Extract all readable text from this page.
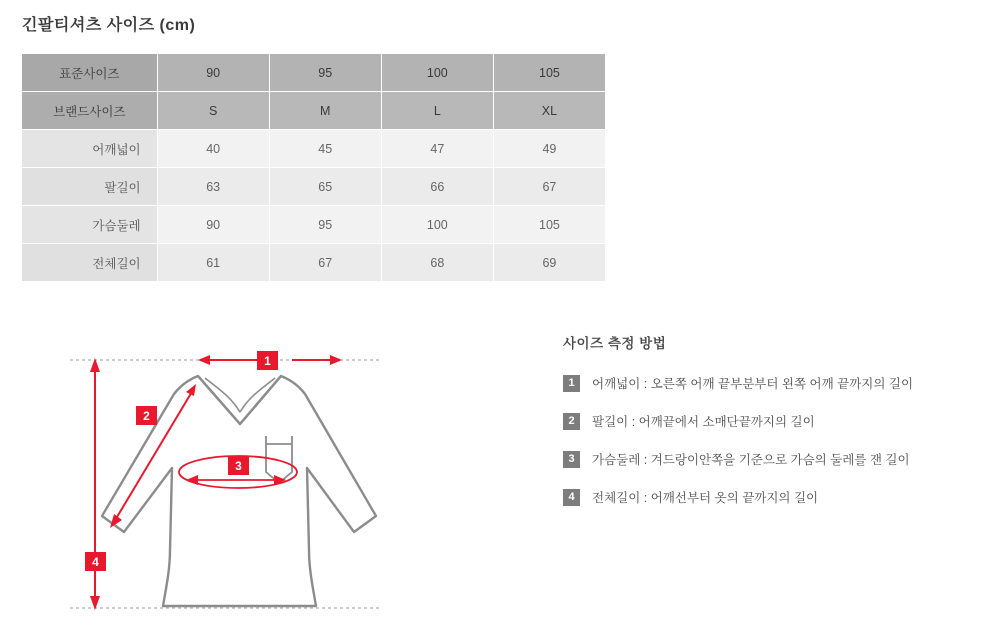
긴팔티셔츠 사이즈 (cm)
표준사이즈	90	95	100	105
브랜드사이즈	S	M	L	XL
어깨넓이	40	45	47	49
팔길이	63	65	66	67
가슴둘레	90	95	100	105
전체길이	61	67	68	69
1
2
3
4
사이즈 측정 방법
1	어깨넓이 : 오른쪽 어깨 끝부분부터 왼쪽 어깨 끝까지의 길이
2	팔길이 : 어깨끝에서 소매단끝까지의 길이
3	가슴둘레 : 겨드랑이안쪽을 기준으로 가슴의 둘레를 잰 길이
4	전체길이 : 어깨선부터 옷의 끝까지의 길이
